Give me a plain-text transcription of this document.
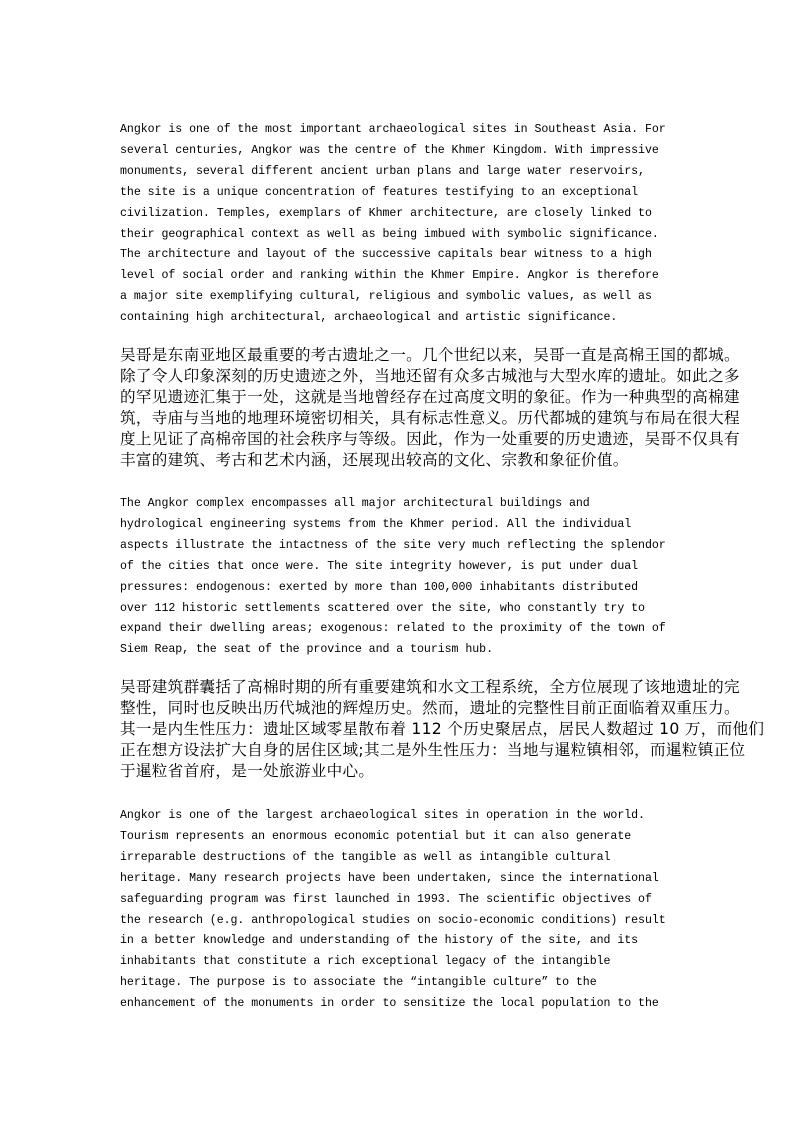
Angkor is one of the most important archaeological sites in Southeast Asia. For
several centuries, Angkor was the centre of the Khmer Kingdom. With impressive
monuments, several different ancient urban plans and large water reservoirs,
the site is a unique concentration of features testifying to an exceptional
civilization. Temples, exemplars of Khmer architecture, are closely linked to
their geographical context as well as being imbued with symbolic significance.
The architecture and layout of the successive capitals bear witness to a high
level of social order and ranking within the Khmer Empire. Angkor is therefore
a major site exemplifying cultural, religious and symbolic values, as well as
containing high architectural, archaeological and artistic significance.
吴哥是东南亚地区最重要的考古遗址之一。几个世纪以来，吴哥一直是高棉王国的都城。
除了令人印象深刻的历史遗迹之外，当地还留有众多古城池与大型水库的遗址。如此之多
的罕见遗迹汇集于一处，这就是当地曾经存在过高度文明的象征。作为一种典型的高棉建
筑，寺庙与当地的地理环境密切相关，具有标志性意义。历代都城的建筑与布局在很大程
度上见证了高棉帝国的社会秩序与等级。因此，作为一处重要的历史遗迹，吴哥不仅具有
丰富的建筑、考古和艺术内涵，还展现出较高的文化、宗教和象征价值。
The Angkor complex encompasses all major architectural buildings and
hydrological engineering systems from the Khmer period. All the individual
aspects illustrate the intactness of the site very much reflecting the splendor
of the cities that once were. The site integrity however, is put under dual
pressures: endogenous: exerted by more than 100,000 inhabitants distributed
over 112 historic settlements scattered over the site, who constantly try to
expand their dwelling areas; exogenous: related to the proximity of the town of
Siem Reap, the seat of the province and a tourism hub.
吴哥建筑群囊括了高棉时期的所有重要建筑和水文工程系统，全方位展现了该地遗址的完
整性，同时也反映出历代城池的辉煌历史。然而，遗址的完整性目前正面临着双重压力。
其一是内生性压力：遗址区域零星散布着 112 个历史聚居点，居民人数超过 10 万，而他们
正在想方设法扩大自身的居住区域;其二是外生性压力：当地与暹粒镇相邻，而暹粒镇正位
于暹粒省首府，是一处旅游业中心。
Angkor is one of the largest archaeological sites in operation in the world.
Tourism represents an enormous economic potential but it can also generate
irreparable destructions of the tangible as well as intangible cultural
heritage. Many research projects have been undertaken, since the international
safeguarding program was first launched in 1993. The scientific objectives of
the research (e.g. anthropological studies on socio-economic conditions) result
in a better knowledge and understanding of the history of the site, and its
inhabitants that constitute a rich exceptional legacy of the intangible
heritage. The purpose is to associate the “intangible culture” to the
enhancement of the monuments in order to sensitize the local population to the
